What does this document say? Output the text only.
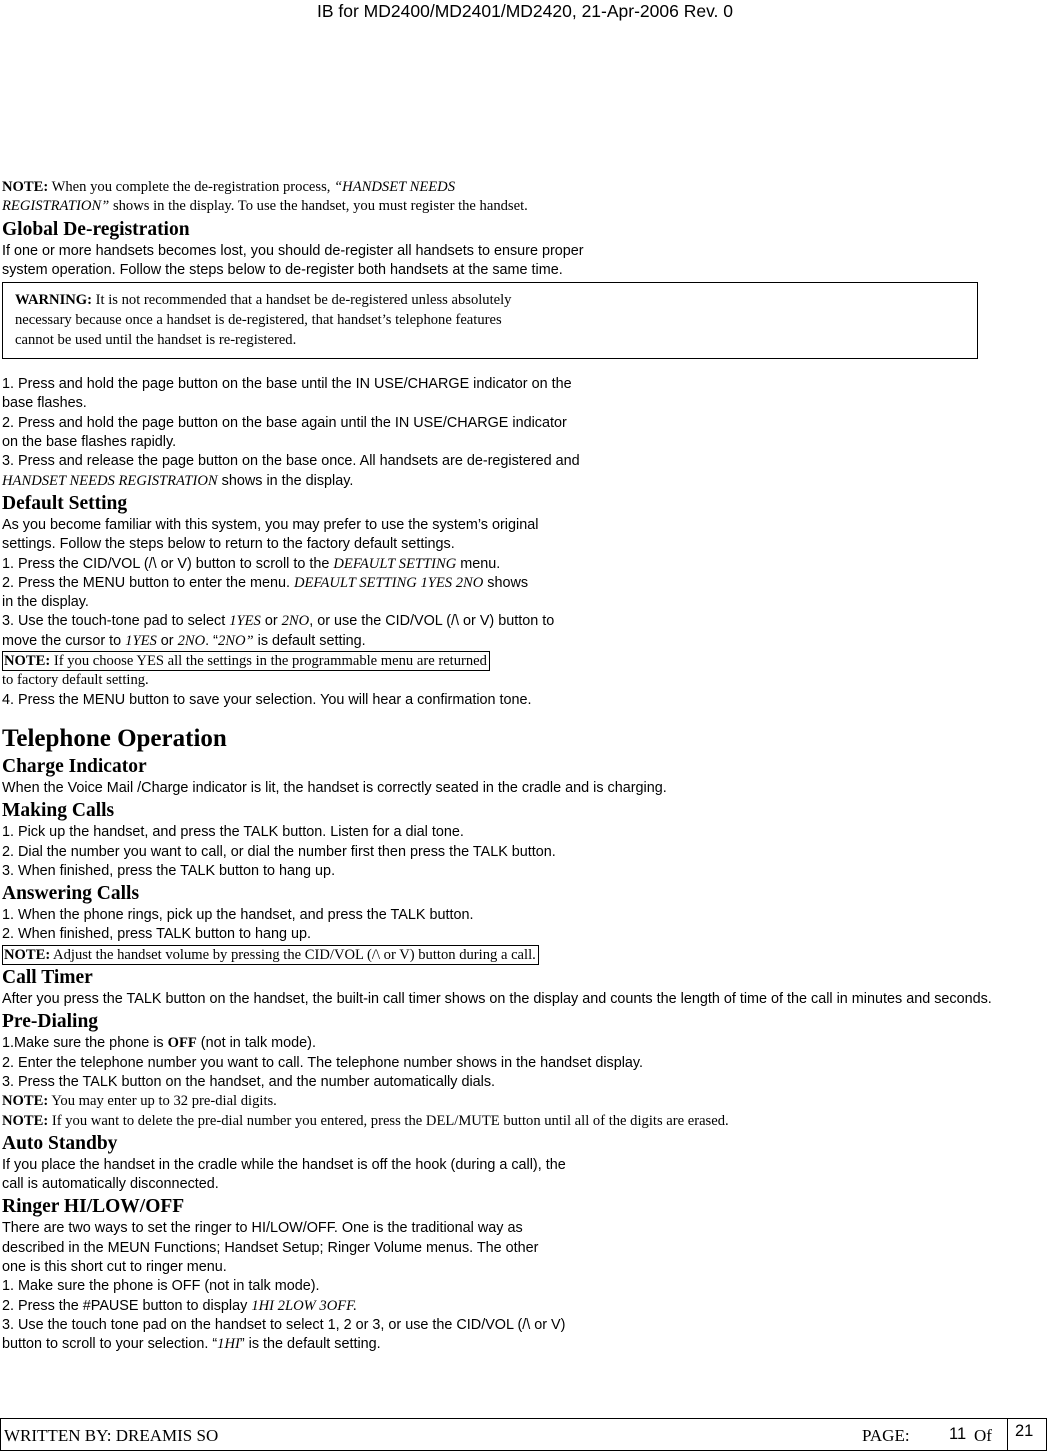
IB for MD2400/MD2401/MD2420, 21-Apr-2006 Rev. 0
NOTE: When you complete the de-registration process, “HANDSET NEEDS
REGISTRATION” shows in the display. To use the handset, you must register the handset.
Global De-registration
If one or more handsets becomes lost, you should de-register all handsets to ensure proper
system operation. Follow the steps below to de-register both handsets at the same time.
WARNING: It is not recommended that a handset be de-registered unless absolutely
necessary because once a handset is de-registered, that handset’s telephone features
cannot be used until the handset is re-registered.
1. Press and hold the page button on the base until the IN USE/CHARGE indicator on the
base flashes.
2. Press and hold the page button on the base again until the IN USE/CHARGE indicator
on the base flashes rapidly.
3. Press and release the page button on the base once. All handsets are de-registered and
HANDSET NEEDS REGISTRATION shows in the display.
Default Setting
As you become familiar with this system, you may prefer to use the system’s original
settings. Follow the steps below to return to the factory default settings.
1. Press the CID/VOL (/\ or V) button to scroll to the DEFAULT SETTING menu.
2. Press the MENU button to enter the menu. DEFAULT SETTING 1YES 2NO shows
in the display.
3. Use the touch-tone pad to select 1YES or 2NO, or use the CID/VOL (/\ or V) button to
move the cursor to 1YES or 2NO. “2NO” is default setting.
NOTE: If you choose YES all the settings in the programmable menu are returned
to factory default setting.
4. Press the MENU button to save your selection. You will hear a confirmation tone.
Telephone Operation
Charge Indicator
When the Voice Mail /Charge indicator is lit, the handset is correctly seated in the cradle and is charging.
Making Calls
1. Pick up the handset, and press the TALK button. Listen for a dial tone.
2. Dial the number you want to call, or dial the number first then press the TALK button.
3. When finished, press the TALK button to hang up.
Answering Calls
1. When the phone rings, pick up the handset, and press the TALK button.
2. When finished, press TALK button to hang up.
NOTE: Adjust the handset volume by pressing the CID/VOL (/\ or V) button during a call.
Call Timer
After you press the TALK button on the handset, the built-in call timer shows on the display and counts the length of time of the call in minutes and seconds.
Pre-Dialing
1.Make sure the phone is OFF (not in talk mode).
2. Enter the telephone number you want to call. The telephone number shows in the handset display.
3. Press the TALK button on the handset, and the number automatically dials.
NOTE: You may enter up to 32 pre-dial digits.
NOTE: If you want to delete the pre-dial number you entered, press the DEL/MUTE button until all of the digits are erased.
Auto Standby
If you place the handset in the cradle while the handset is off the hook (during a call), the
call is automatically disconnected.
Ringer HI/LOW/OFF
There are two ways to set the ringer to HI/LOW/OFF. One is the traditional way as
described in the MEUN Functions; Handset Setup; Ringer Volume menus. The other
one is this short cut to ringer menu.
1. Make sure the phone is OFF (not in talk mode).
2. Press the #PAUSE button to display 1HI 2LOW 3OFF.
3. Use the touch tone pad on the handset to select 1, 2 or 3, or use the CID/VOL (/\ or V)
button to scroll to your selection. “1HI” is the default setting.
WRITTEN BY: DREAMIS SO	PAGE: 11 Of 21
